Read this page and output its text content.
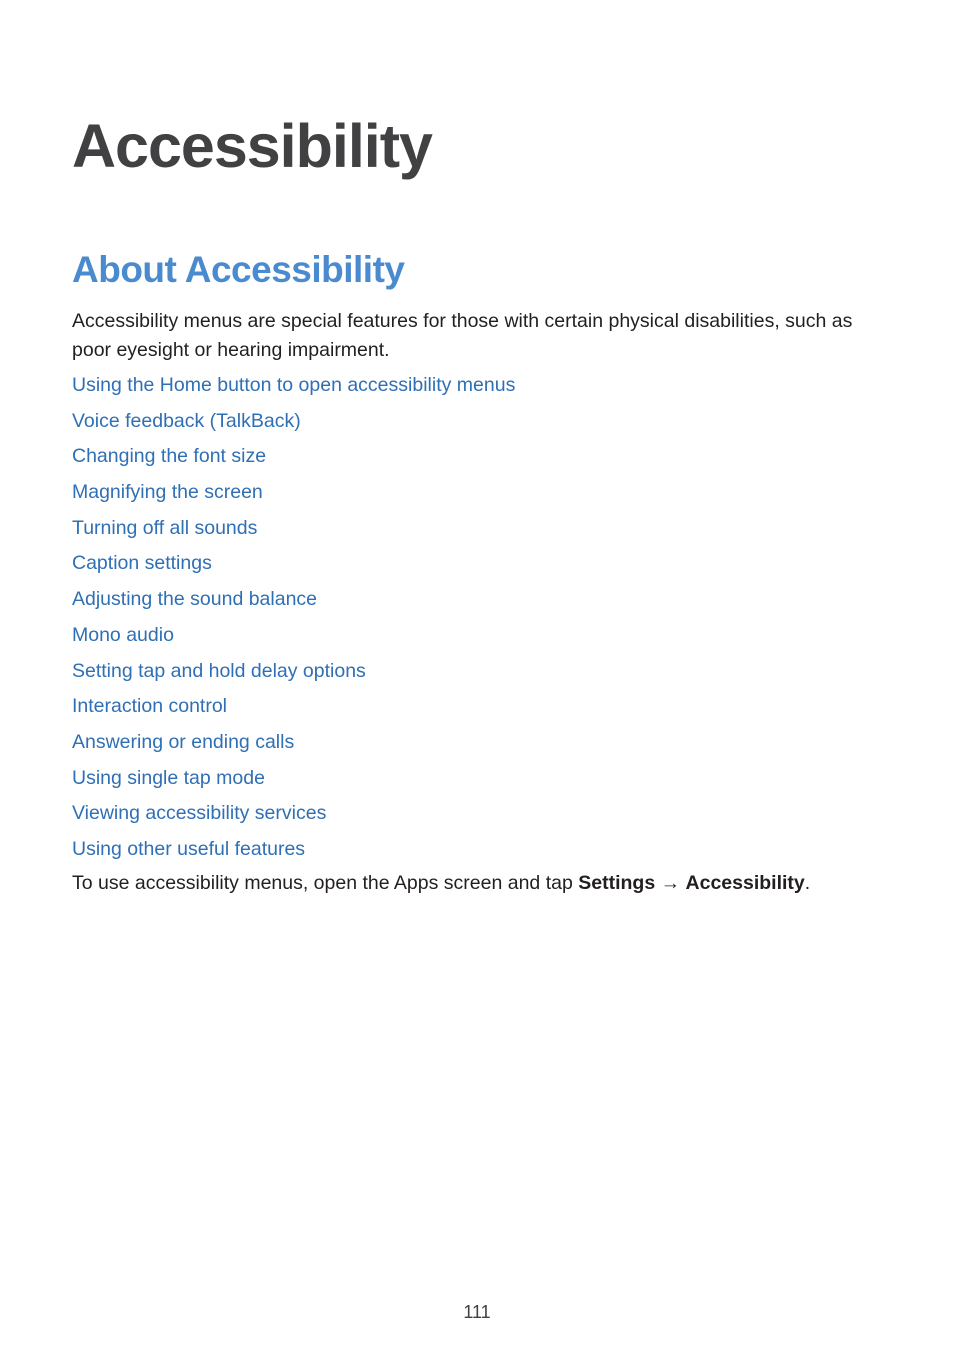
Accessibility
About Accessibility

Accessibility menus are special features for those with certain physical disabilities, such as poor eyesight or hearing impairment.

Using the Home button to open accessibility menus
Voice feedback (TalkBack)
Changing the font size
Magnifying the screen
Turning off all sounds
Caption settings
Adjusting the sound balance
Mono audio
Setting tap and hold delay options
Interaction control
Answering or ending calls
Using single tap mode
Viewing accessibility services
Using other useful features

To use accessibility menus, open the Apps screen and tap Settings → Accessibility.

111
